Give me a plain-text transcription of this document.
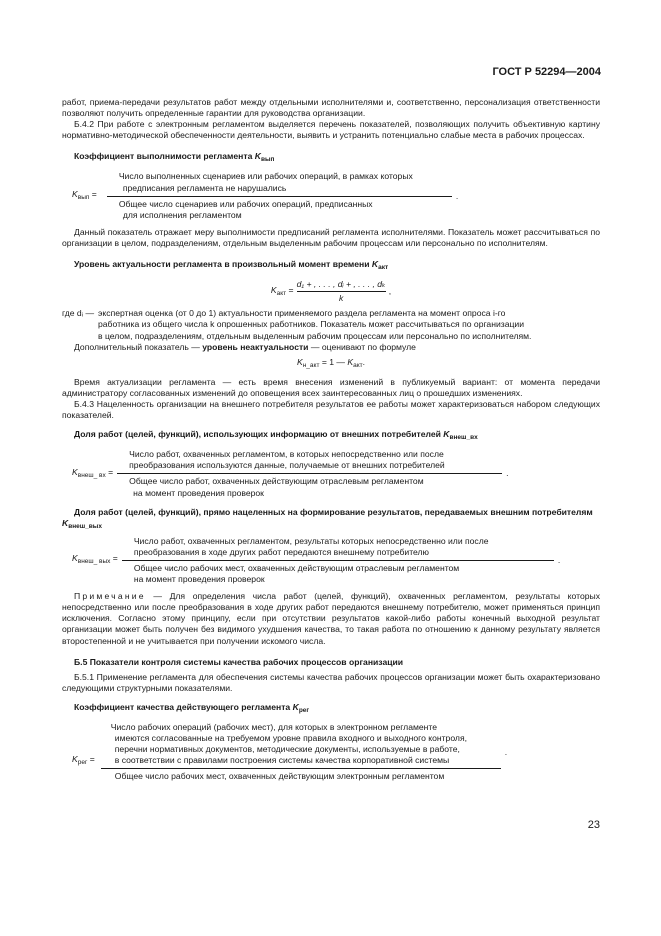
ГОСТ Р 52294—2004

работ, приема-передачи результатов работ между отдельными исполнителями и, соответственно, персонализация ответственности позволяют получить определенные гарантии для руководства организации.

Б.4.2 При работе с электронным регламентом выделяется перечень показателей, позволяющих получить объективную картину нормативно-методической обеспеченности деятельности, выявить и устранить потенциально слабые места в рабочих процессах.

Коэффициент выполнимости регламента $K_{вып}$

$K_{вып}$ =
Число выполненных сценариев или рабочих операций, в рамках которых
предписания регламента не нарушались
Общее число сценариев или рабочих операций, предписанных
для исполнения регламентом
.

Данный показатель отражает меру выполнимости предписаний регламента исполнителями. Показатель может рассчитываться по организации в целом, подразделениям, отдельным выделенным рабочим процессам или персонально по исполнителям.

Уровень актуальности регламента в произвольный момент времени $K_{акт}$

$K_{акт} = \frac{\text{d₁ + , . . . , dᵢ + , . . . , dₖ}}{k}$ ,
где dᵢ — экспертная оценка (от 0 до 1) актуальности применяемого раздела регламента на момент опроса i-го
работника из общего числа k опрошенных работников. Показатель может рассчитываться по организации
в целом, подразделениям, отдельным выделенным рабочим процессам или персонально по исполнителям.

Дополнительный показатель — уровень неактуальности — оценивают по формуле

$K_{н\_акт} = 1$ — $K_{акт}$.

Время актуализации регламента — есть время внесения изменений в публикуемый вариант: от момента передачи администратору согласованных изменений до оповещения всех заинтересованных лиц о прошедших изменениях.

Б.4.3 Нацеленность организации на внешнего потребителя результатов ее работы может характеризоваться набором следующих показателей.

Доля работ (целей, функций), использующих информацию от внешних потребителей $K_{внеш\_вх}$

$K_{внеш\_ вх}$ =
Число работ, охваченных регламентом, в которых непосредственно или после
преобразования используются данные, получаемые от внешних потребителей
Общее число работ, охваченных действующим отраслевым регламентом
на момент проведения проверок
.

Доля работ (целей, функций), прямо нацеленных на формирование результатов, передаваемых внешним потребителям $K_{внеш\_вых}$

$K_{внеш\_ вых}$ =
Число работ, охваченных регламентом, результаты которых непосредственно или после
преобразования в ходе других работ передаются внешнему потребителю
Общее число рабочих мест, охваченных действующим отраслевым регламентом
на момент проведения проверок
.

Примечание — Для определения числа работ (целей, функций), охваченных регламентом, результаты которых непосредственно или после преобразования в ходе других работ передаются внешнему потребителю, может применяться принцип исключения. Согласно этому принципу, если при отсутствии результатов какой-либо работы конечный выходной результат организации может быть получен без видимого ухудшения качества, то такая работа по отношению к данному результату является второстепенной и не учитывается при получении искомого числа.

Б.5 Показатели контроля системы качества рабочих процессов организации

Б.5.1 Применение регламента для обеспечения системы качества рабочих процессов организации может быть охарактеризовано следующими структурными показателями.

Коэффициент качества действующего регламента $K_{рег}$

$K_{рег}$ =
Число рабочих операций (рабочих мест), для которых в электронном регламенте
имеются согласованные на требуемом уровне правила входного и выходного контроля,
перечни нормативных документов, методические документы, используемые в работе,
в соответствии с правилами построения системы качества корпоративной системы
Общее число рабочих мест, охваченных действующим электронным регламентом
.
23
